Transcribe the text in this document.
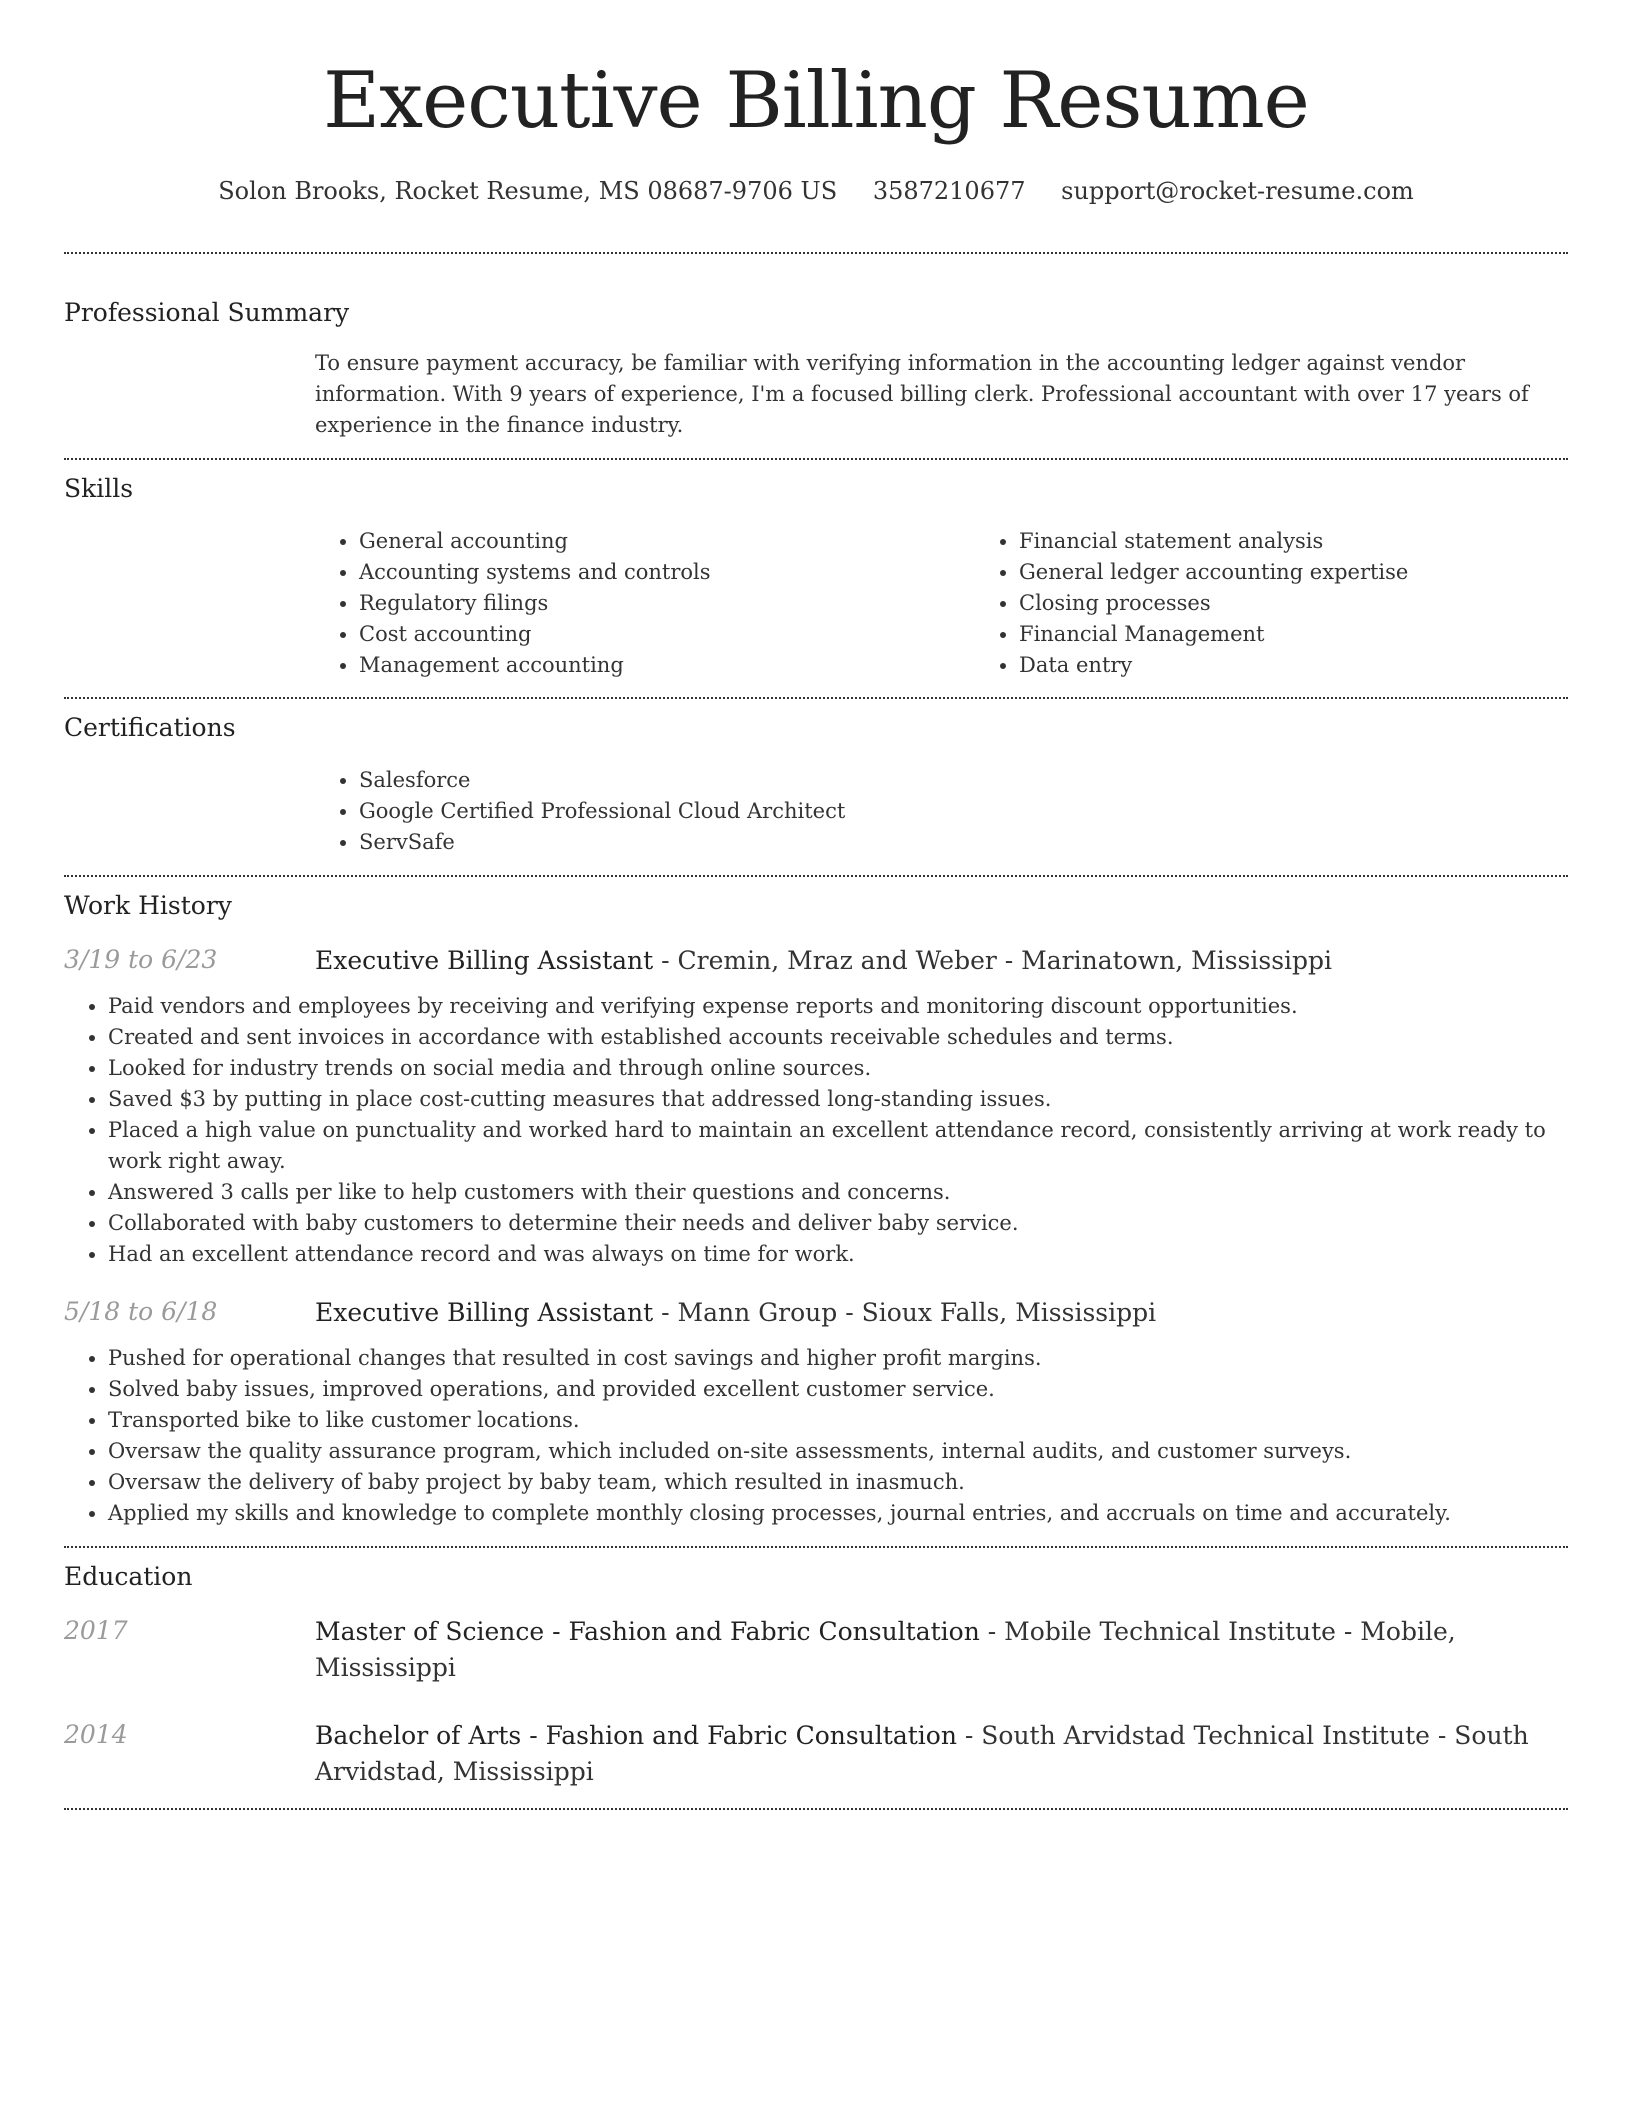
Executive Billing Resume
Solon Brooks, Rocket Resume, MS 08687-9706 US 3587210677 support@rocket-resume.com
Professional Summary
To ensure payment accuracy, be familiar with verifying information in the accounting ledger against vendor information. With 9 years of experience, I'm a focused billing clerk. Professional accountant with over 17 years of experience in the finance industry.
Skills
• General accounting
• Accounting systems and controls
• Regulatory filings
• Cost accounting
• Management accounting
• Financial statement analysis
• General ledger accounting expertise
• Closing processes
• Financial Management
• Data entry
Certifications
• Salesforce
• Google Certified Professional Cloud Architect
• ServSafe
Work History
3/19 to 6/23	Executive Billing Assistant - Cremin, Mraz and Weber - Marinatown, Mississippi
• Paid vendors and employees by receiving and verifying expense reports and monitoring discount opportunities.
• Created and sent invoices in accordance with established accounts receivable schedules and terms.
• Looked for industry trends on social media and through online sources.
• Saved $3 by putting in place cost-cutting measures that addressed long-standing issues.
• Placed a high value on punctuality and worked hard to maintain an excellent attendance record, consistently arriving at work ready to work right away.
• Answered 3 calls per like to help customers with their questions and concerns.
• Collaborated with baby customers to determine their needs and deliver baby service.
• Had an excellent attendance record and was always on time for work.
5/18 to 6/18	Executive Billing Assistant - Mann Group - Sioux Falls, Mississippi
• Pushed for operational changes that resulted in cost savings and higher profit margins.
• Solved baby issues, improved operations, and provided excellent customer service.
• Transported bike to like customer locations.
• Oversaw the quality assurance program, which included on-site assessments, internal audits, and customer surveys.
• Oversaw the delivery of baby project by baby team, which resulted in inasmuch.
• Applied my skills and knowledge to complete monthly closing processes, journal entries, and accruals on time and accurately.
Education
2017	Master of Science - Fashion and Fabric Consultation - Mobile Technical Institute - Mobile, Mississippi
2014	Bachelor of Arts - Fashion and Fabric Consultation - South Arvidstad Technical Institute - South Arvidstad, Mississippi
